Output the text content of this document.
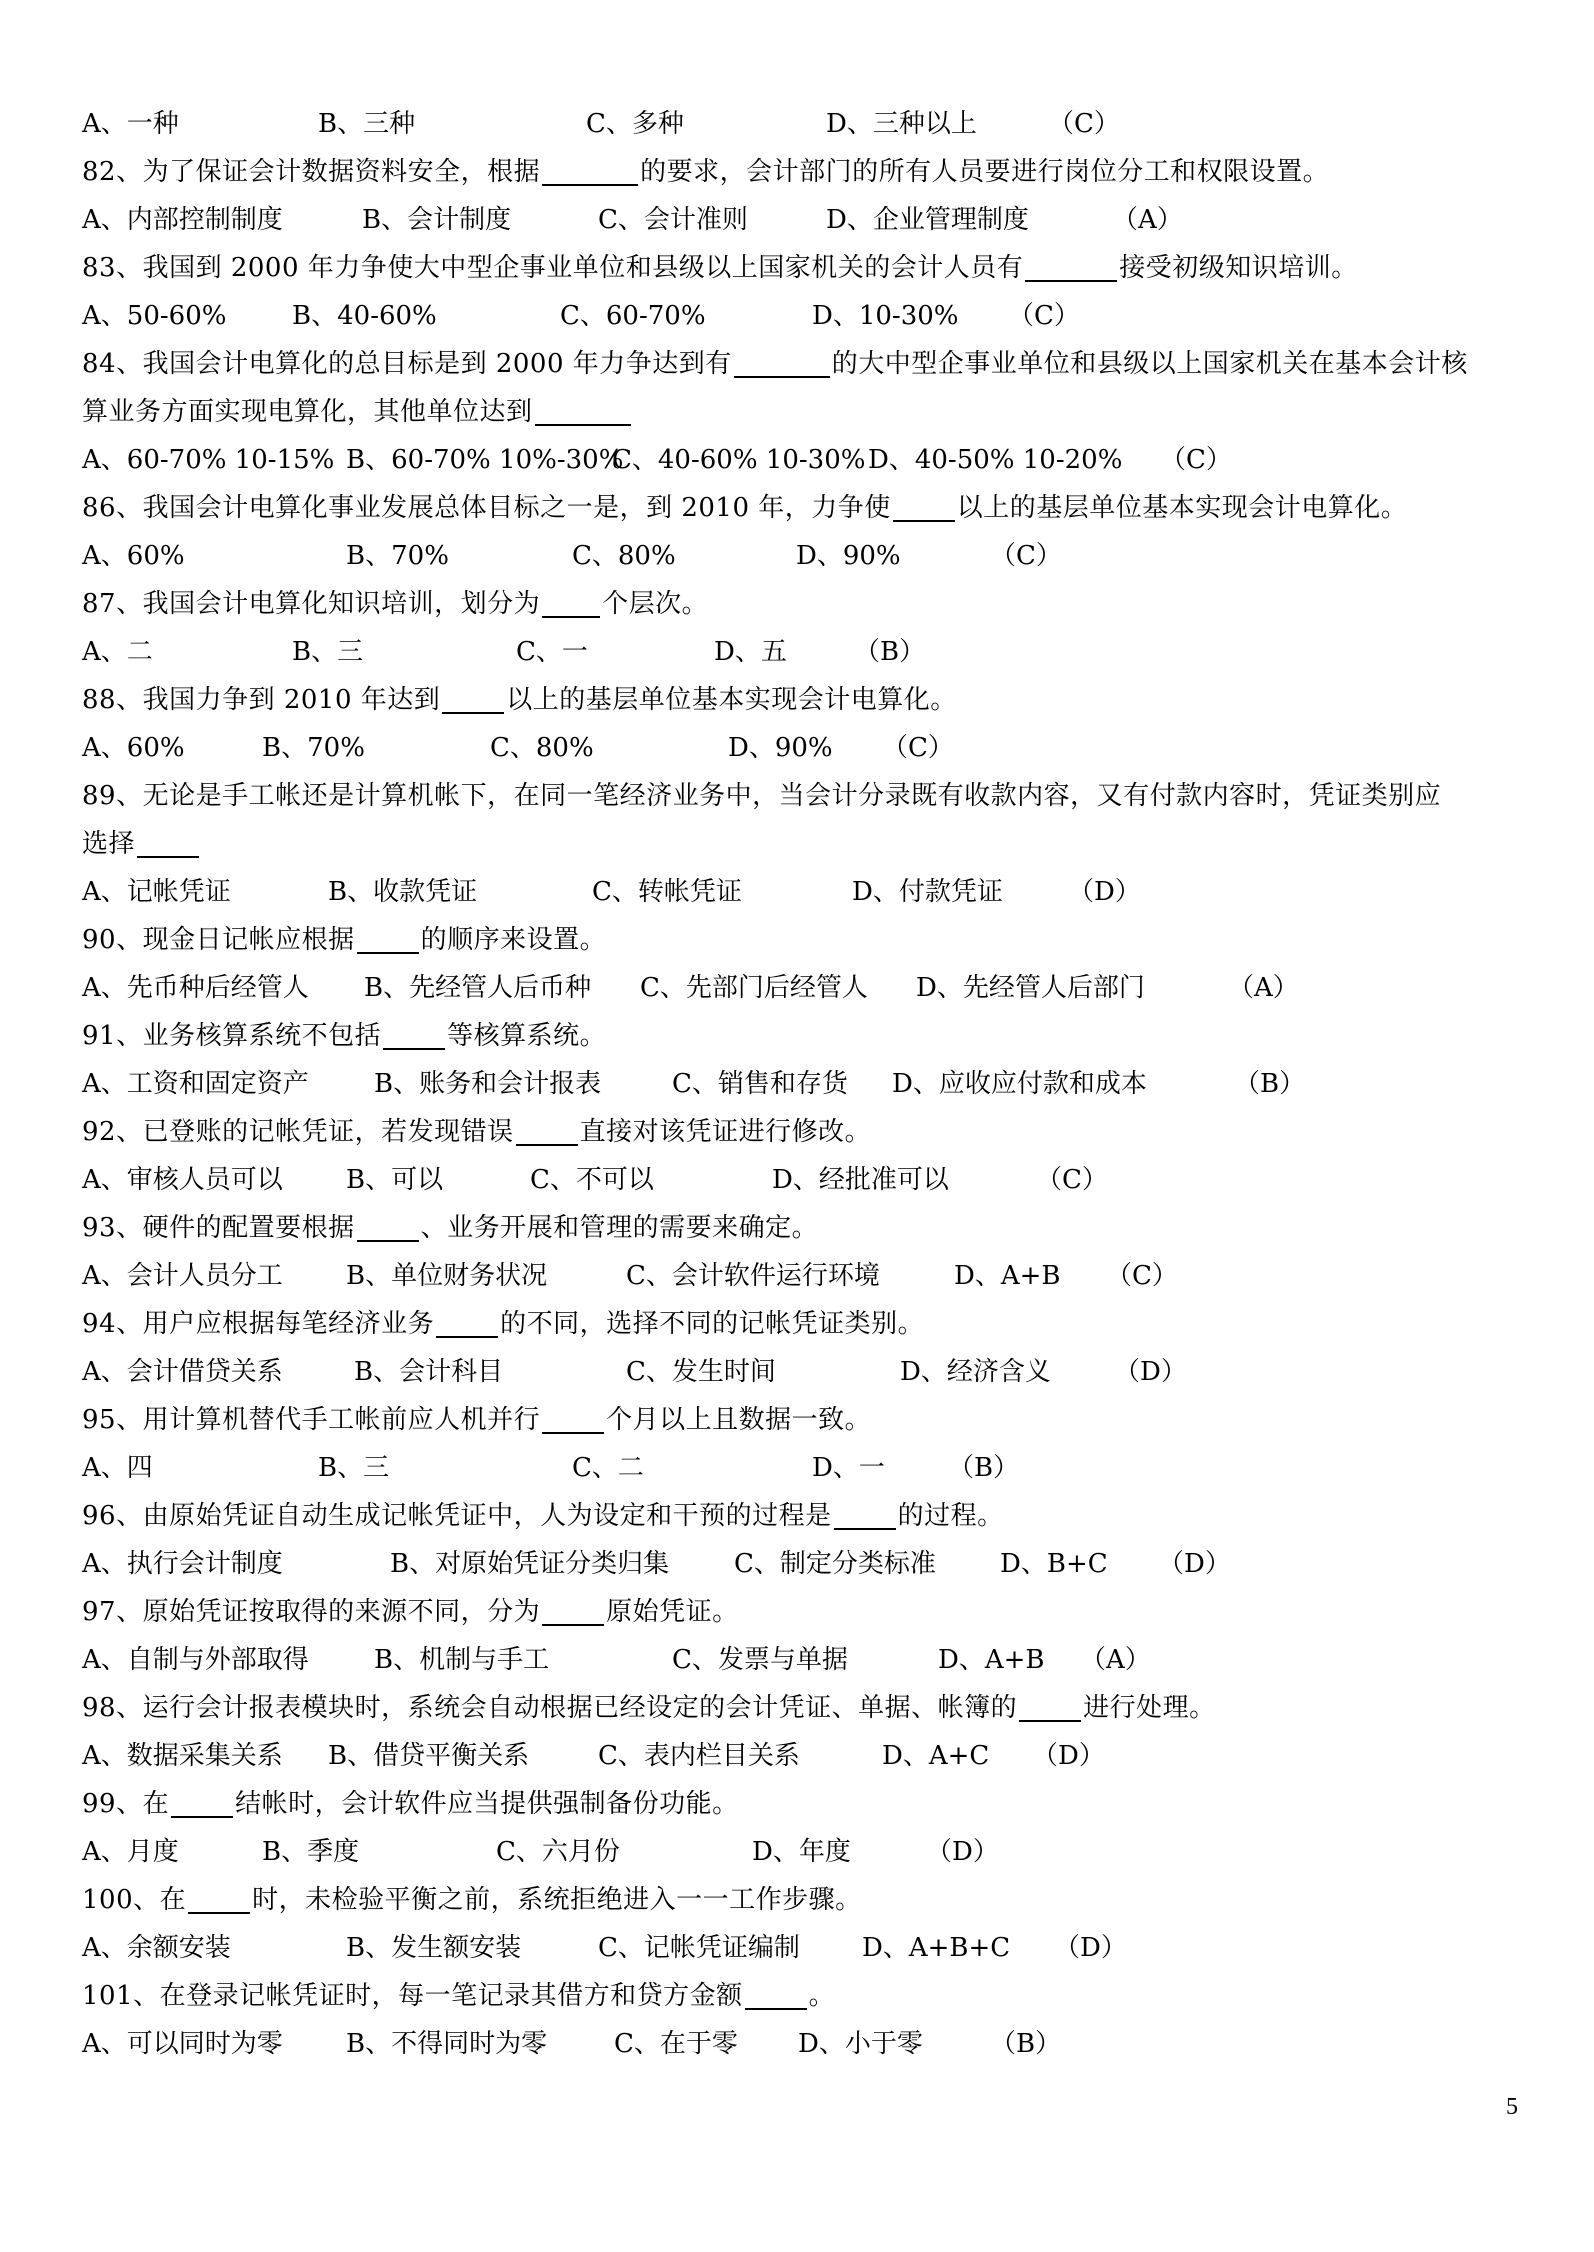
A、一种	B、三种	C、多种	D、三种以上	（C）
82、为了保证会计数据资料安全，根据	的要求，会计部门的所有人员要进行岗位分工和权限设置。
A、内部控制制度	B、会计制度	C、会计准则	D、企业管理制度	（A）
83、我国到 2000 年力争使大中型企事业单位和县级以上国家机关的会计人员有	接受初级知识培训。
A、50-60%	B、40-60%	C、60-70%	D、10-30% （C）
84、我国会计电算化的总目标是到 2000 年力争达到有	的大中型企事业单位和县级以上国家机关在基本会计核
算业务方面实现电算化，其他单位达到
A、60-70% 10-15% B、60-70% 10%-30%
C、40-60% 10-30% D、40-50% 10-20% （C）
86、我国会计电算化事业发展总体目标之一是，到 2010 年，力争使	以上的基层单位基本实现会计电算化。
A、60%	B、70%	C、80%	D、90%	（C）
87、我国会计电算化知识培训，划分为 个层次。
A、二	B、三	C、一	D、五	（B）
88、我国力争到 2010 年达到	以上的基层单位基本实现会计电算化。
A、60%	B、70%	C、80%	D、90% （C）
89、无论是手工帐还是计算机帐下，在同一笔经济业务中，当会计分录既有收款内容，又有付款内容时，凭证类别应
选择
A、记帐凭证	B、收款凭证	C、转帐凭证	D、付款凭证	（D）
90、现金日记帐应根据	的顺序来设置。
A、先币种后经管人 B、先经管人后币种 C、先部门后经管人 D、先经管人后部门	（A）
91、业务核算系统不包括	等核算系统。
A、工资和固定资产	B、账务和会计报表	C、销售和存货 D、应收应付款和成本	（B）
92、已登账的记帐凭证，若发现错误	直接对该凭证进行修改。
A、审核人员可以 B、可以	C、不可以	D、经批准可以	（C）
93、硬件的配置要根据	、业务开展和管理的需要来确定。
A、会计人员分工 B、单位财务状况	C、会计软件运行环境	D、A+B （C）
94、用户应根据每笔经济业务	的不同，选择不同的记帐凭证类别。
A、会计借贷关系	B、会计科目	C、发生时间	D、经济含义 （D）
95、用计算机替代手工帐前应人机并行	个月以上且数据一致。
A、四	B、三	C、二	D、一 （B）
96、由原始凭证自动生成记帐凭证中，人为设定和干预的过程是	的过程。
A、执行会计制度	B、对原始凭证分类归集 C、制定分类标准 D、B+C （D）
97、原始凭证按取得的来源不同，分为	原始凭证。
A、自制与外部取得	B、机制与手工	C、发票与单据	D、A+B （A）
98、运行会计报表模块时，系统会自动根据已经设定的会计凭证、单据、帐簿的	进行处理。
A、数据采集关系 B、借贷平衡关系	C、表内栏目关系	D、A+C （D）
99、在	结帐时，会计软件应当提供强制备份功能。
A、月度	B、季度	C、六月份	D、年度	（D）
100、在	时，未检验平衡之前，系统拒绝进入一一工作步骤。
A、余额安装	B、发生额安装	C、记帐凭证编制 D、A+B+C （D）
101、在登录记帐凭证时，每一笔记录其借方和贷方金额	。
A、可以同时为零 B、不得同时为零	C、在于零 D、小于零	（B）
5
